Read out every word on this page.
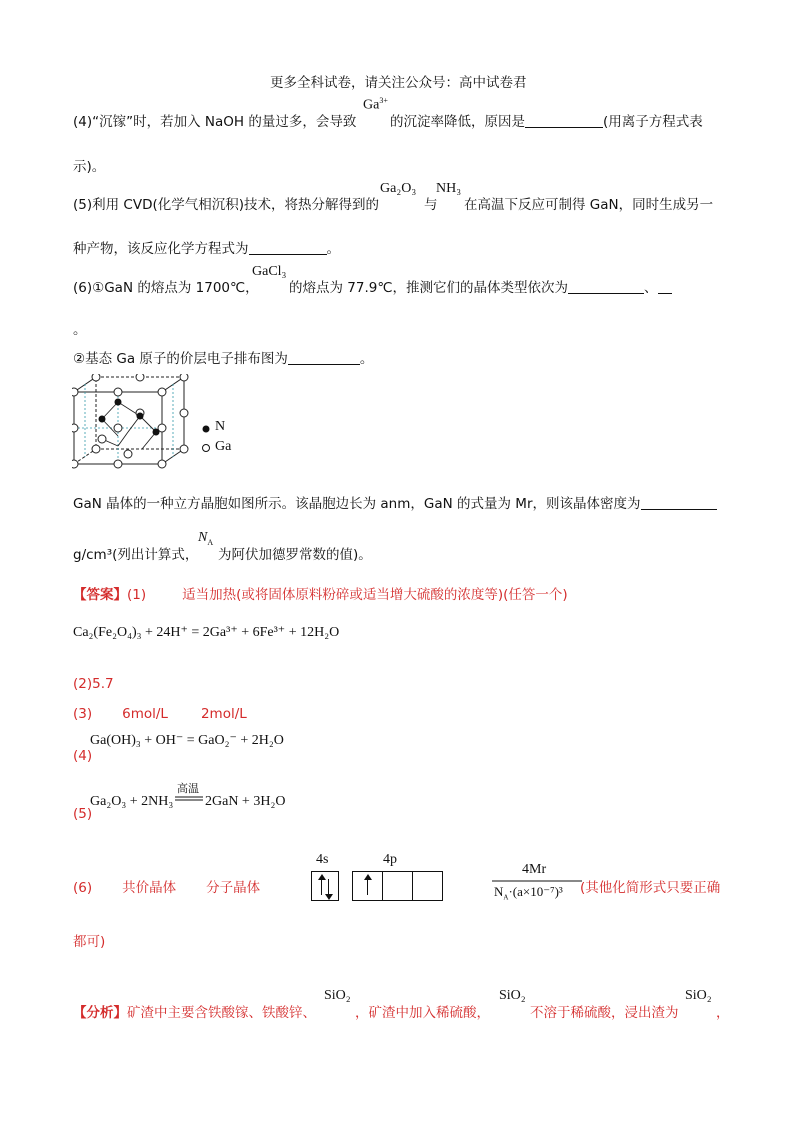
更多全科试卷，请关注公众号：高中试卷君
(4)“沉镓”时，若加入 NaOH 的量过多，会导致
$Ga^{3+}$
的沉淀率降低，原因是	(用离子方程式表
示)。
(5)利用 CVD(化学气相沉积)技术，将热分解得到的
Ga₂O₃
与
NH₃
在高温下反应可制得 GaN，同时生成另一
种产物，该反应化学方程式为	。
(6)①GaN 的熔点为 1700℃，
GaCl₃
的熔点为 77.9℃，推测它们的晶体类型依次为	、
。
②基态 Ga 原子的价层电子排布图为	。
N
Ga
GaN 晶体的一种立方晶胞如图所示。该晶胞边长为 anm，GaN 的式量为 Mr，则该晶体密度为
g/cm³(列出计算式，
$N_A$
为阿伏加德罗常数的值)。
【答案】(1)	适当加热(或将固体原料粉碎或适当增大硫酸的浓度等)(任答一个)
Ca₂(Fe₂O₄)₃ + 24H⁺ = 2Ga³⁺ + 6Fe³⁺ + 12H₂O
(2)5.7
(3) 6mol/L 2mol/L
Ga(OH)₃ + OH⁻ = GaO₂⁻ + 2H₂O
(4)
Ga₂O₃ + 2NH₃
高温
2GaN + 3H₂O
(5)
(6) 共价晶体 分子晶体
4s	4p
4Mr
$N_A\cdot(a\times 10^{-7})^3$ (其他化简形式只要正确
都可)
【分析】矿渣中主要含铁酸镓、铁酸锌、
SiO₂
，矿渣中加入稀硫酸，
SiO₂
不溶于稀硫酸，浸出渣为
SiO₂
，
